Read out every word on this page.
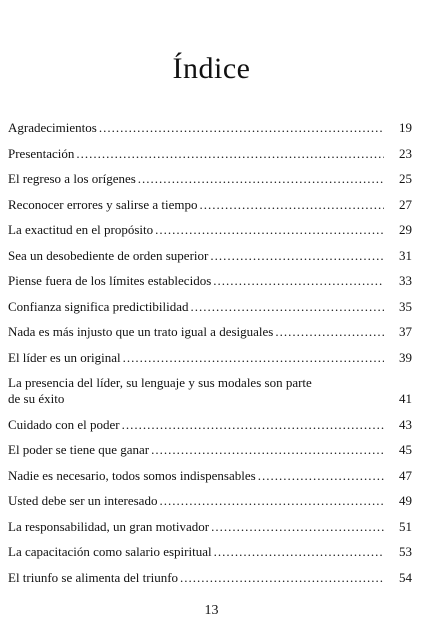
Índice
Agradecimientos .....	19
Presentación .....	23
El regreso a los orígenes .....	25
Reconocer errores y salirse a tiempo .....	27
La exactitud en el propósito .....	29
Sea un desobediente de orden superior .....	31
Piense fuera de los límites establecidos .....	33
Confianza significa predictibilidad .....	35
Nada es más injusto que un trato igual a desiguales .....	37
El líder es un original .....	39
La presencia del líder, su lenguaje y sus modales son parte
de su éxito	41
Cuidado con el poder .....	43
El poder se tiene que ganar .....	45
Nadie es necesario, todos somos indispensables .....	47
Usted debe ser un interesado .....	49
La responsabilidad, un gran motivador .....	51
La capacitación como salario espiritual .....	53
El triunfo se alimenta del triunfo .....	54
13
